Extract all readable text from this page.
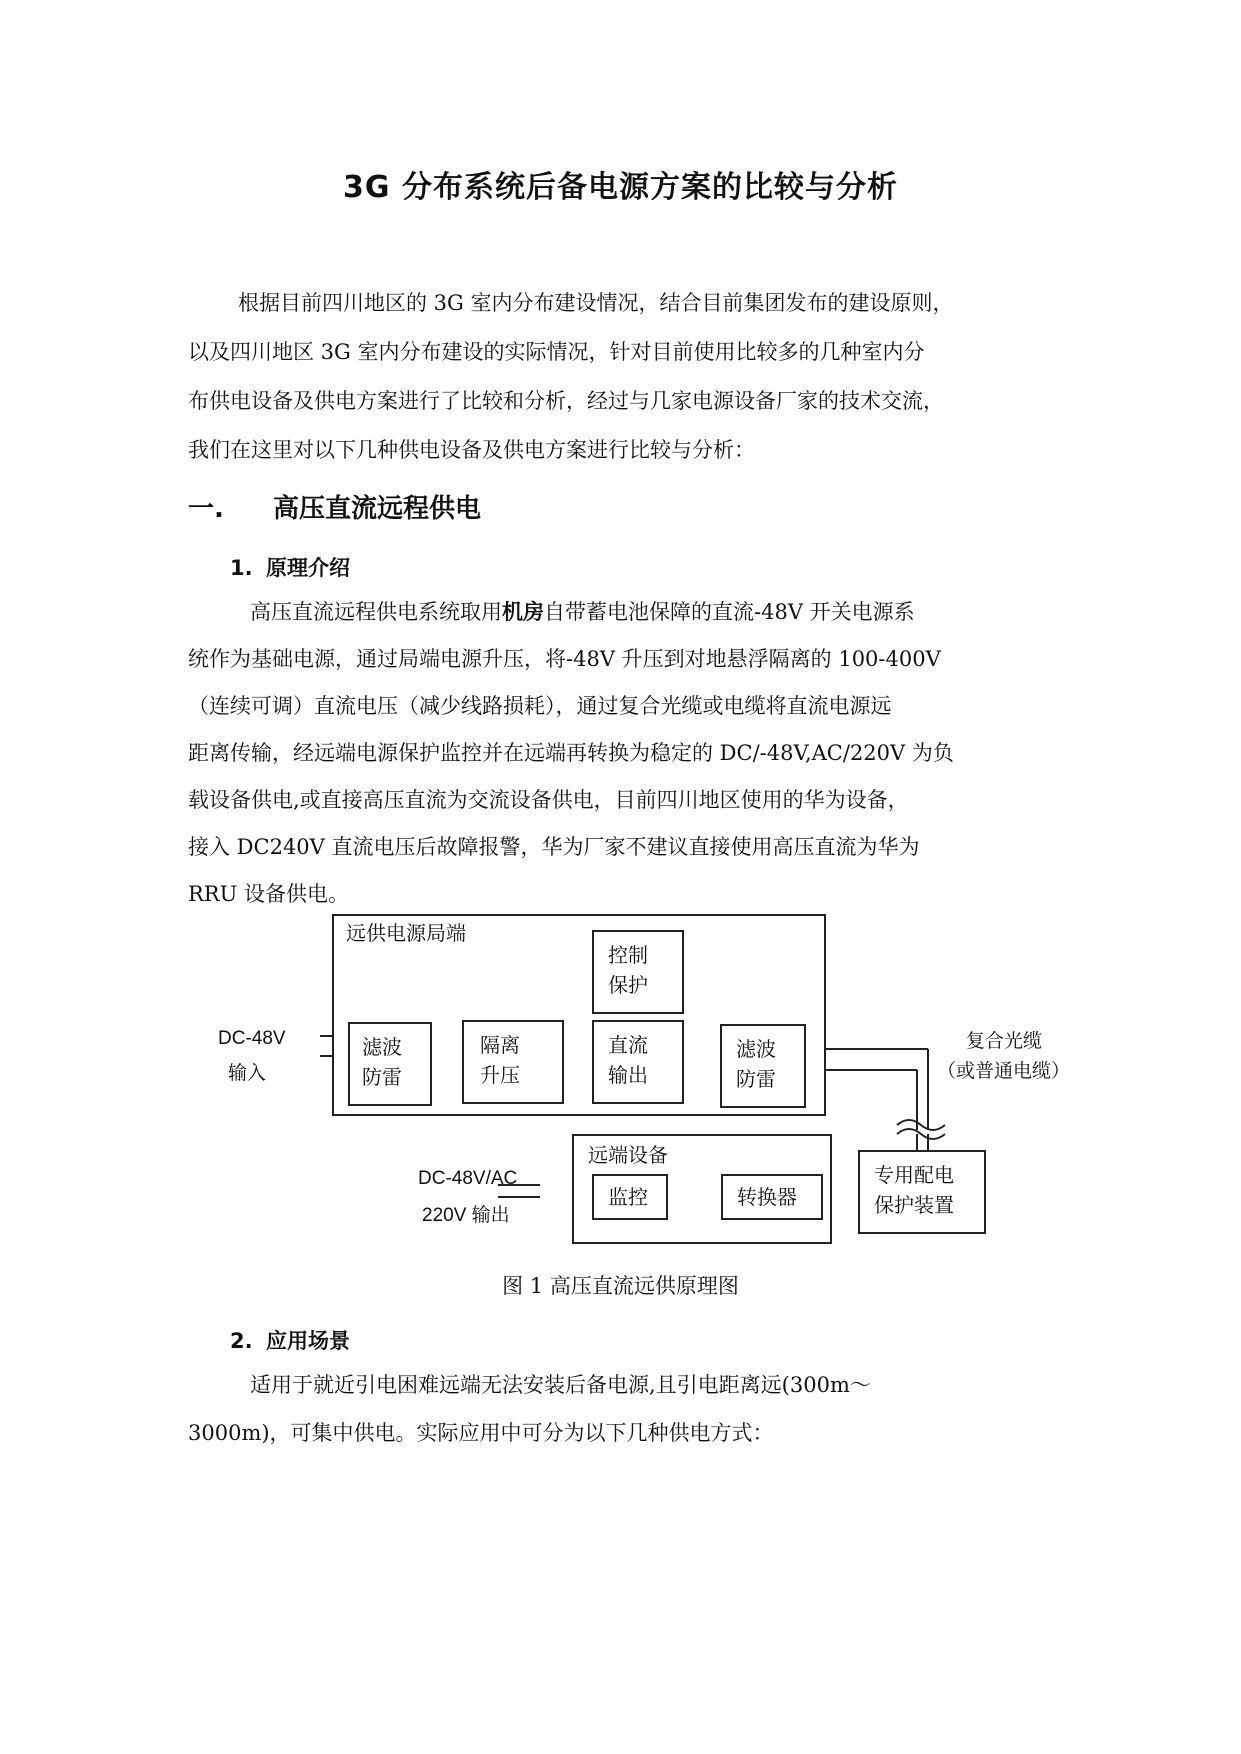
3G 分布系统后备电源方案的比较与分析
根据目前四川地区的 3G 室内分布建设情况，结合目前集团发布的建设原则，
以及四川地区 3G 室内分布建设的实际情况，针对目前使用比较多的几种室内分
布供电设备及供电方案进行了比较和分析，经过与几家电源设备厂家的技术交流，
我们在这里对以下几种供电设备及供电方案进行比较与分析：
一. 高压直流远程供电
1. 原理介绍
高压直流远程供电系统取用机房自带蓄电池保障的直流-48V 开关电源系
统作为基础电源，通过局端电源升压，将-48V 升压到对地悬浮隔离的 100-400V
（连续可调）直流电压（减少线路损耗），通过复合光缆或电缆将直流电源远
距离传输，经远端电源保护监控并在远端再转换为稳定的 DC/-48V,AC/220V 为负
载设备供电,或直接高压直流为交流设备供电，目前四川地区使用的华为设备，
接入 DC240V 直流电压后故障报警，华为厂家不建议直接使用高压直流为华为
RRU 设备供电。
远供电源局端
控制
保护
滤波
防雷
隔离
升压
直流
输出
滤波
防雷
DC-48V
输入
复合光缆
（或普通电缆）
远端设备
监控	转换器
专用配电
保护装置
DC-48V/AC
220V 输出
图 1 高压直流远供原理图
2. 应用场景
适用于就近引电困难远端无法安装后备电源,且引电距离远(300m～
3000m)，可集中供电。实际应用中可分为以下几种供电方式：
